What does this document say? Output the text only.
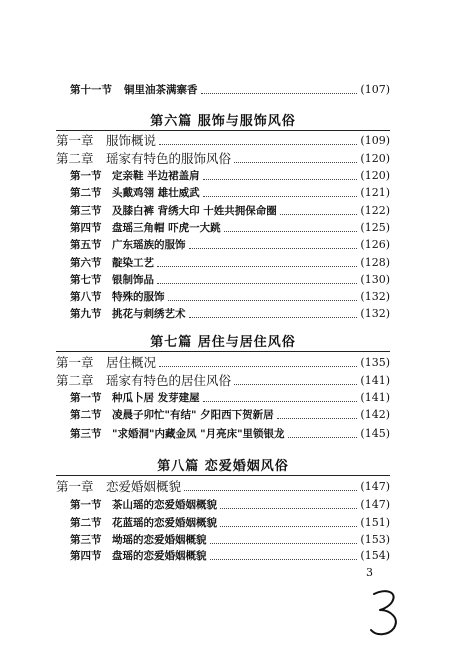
第十一节	铜里油茶满寨香	(107)
第六篇 服饰与服饰风俗
第一章 服饰概说	(109)
第二章 瑶家有特色的服饰风俗	(120)
第一节	定亲鞋 半边裙盖肩	(120)
第二节	头戴鸡翎 雄壮威武	(121)
第三节	及膝白裤 背绣大印 十姓共拥保命圈	(122)
第四节	盘瑶三角帽 吓虎一大跳	(125)
第五节	广东瑶族的服饰	(126)
第六节	靛染工艺	(128)
第七节	银制饰品	(130)
第八节	特殊的服饰	(132)
第九节	挑花与刺绣艺术	(132)
第七篇 居住与居住风俗
第一章 居住概况	(135)
第二章 瑶家有特色的居住风俗	(141)
第一节	种瓜卜居 发芽建屋	(141)
第二节	凌晨子卯忙"有结" 夕阳西下贺新居	(142)
第三节	"求婚洞"内藏金凤 "月亮床"里锁银龙	(145)
第八篇 恋爱婚姻风俗
第一章 恋爱婚姻概貌	(147)
第一节	茶山瑶的恋爱婚姻概貌	(147)
第二节	花蓝瑶的恋爱婚姻概貌	(151)
第三节	坳瑶的恋爱婚姻概貌	(153)
第四节	盘瑶的恋爱婚姻概貌	(154)
3
